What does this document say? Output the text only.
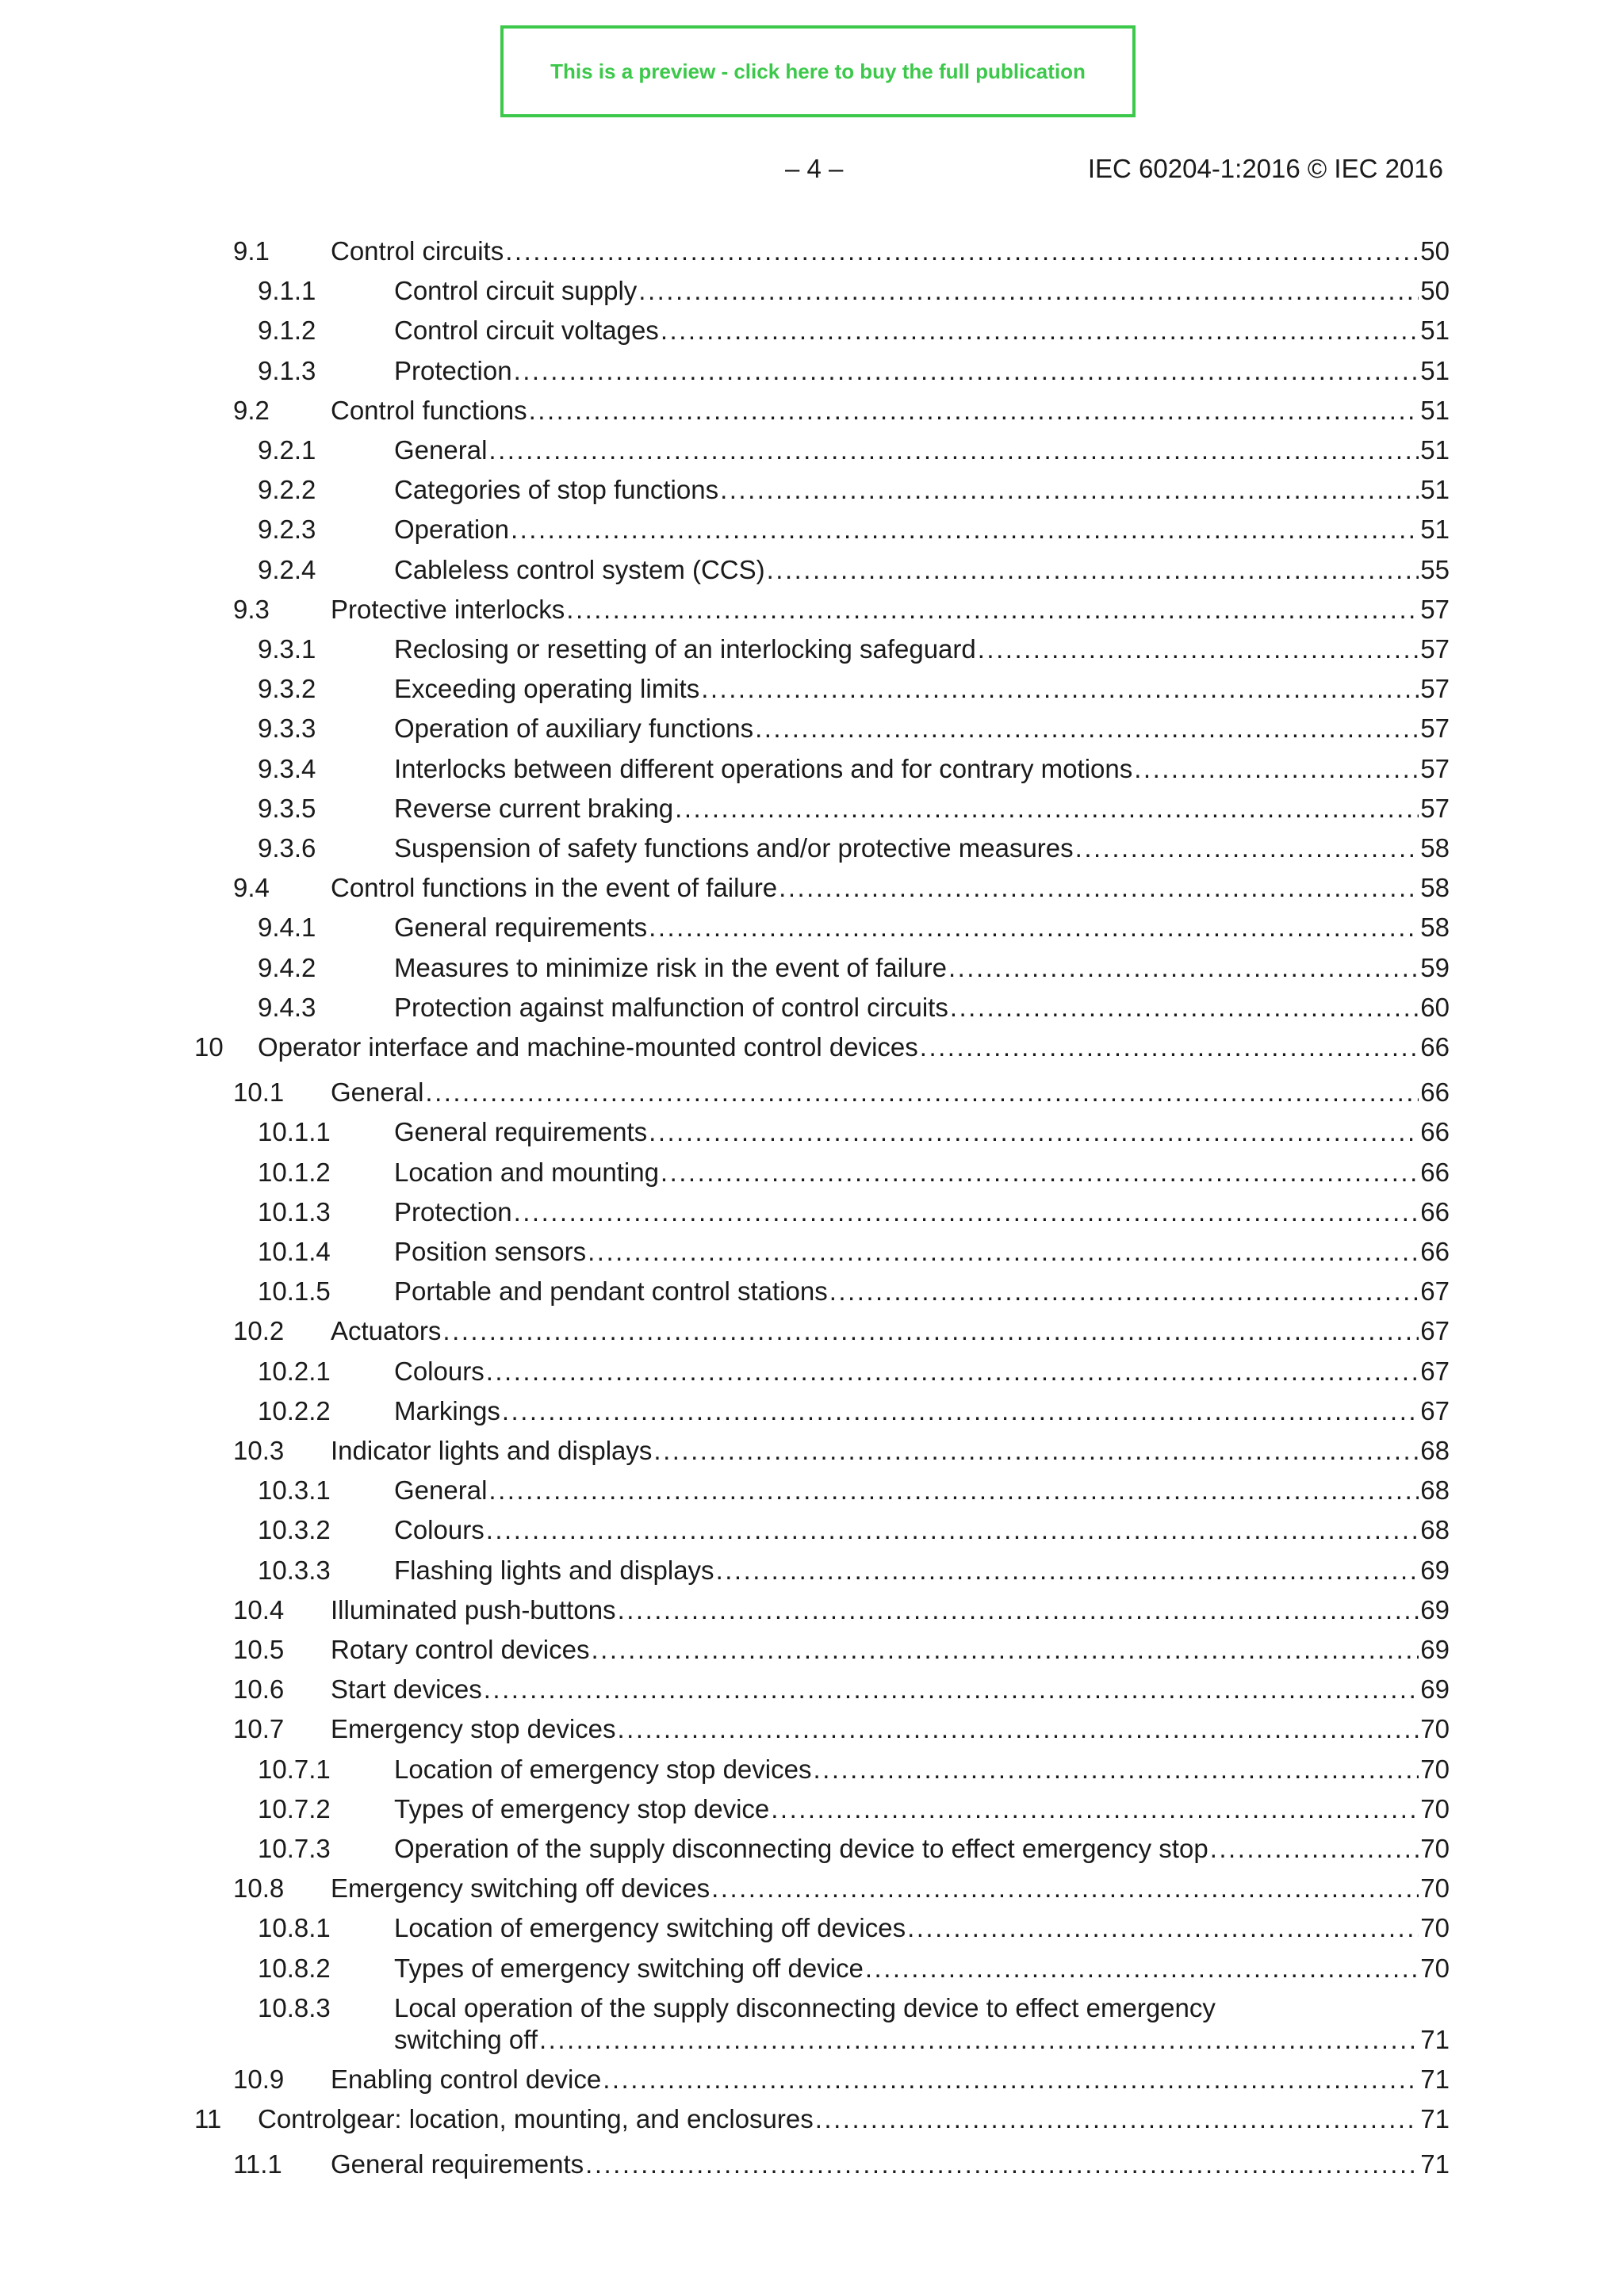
This is a preview - click here to buy the full publication
– 4 –	IEC 60204-1:2016 © IEC 2016
9.1 Control circuits .....	50
9.1.1	Control circuit supply .....	50
9.1.2	Control circuit voltages .....	51
9.1.3	Protection .....	51
9.2 Control functions .....	51
9.2.1	General .....	51
9.2.2	Categories of stop functions .....	51
9.2.3	Operation .....	51
9.2.4	Cableless control system (CCS) .....	55
9.3 Protective interlocks .....	57
9.3.1	Reclosing or resetting of an interlocking safeguard .....	57
9.3.2	Exceeding operating limits .....	57
9.3.3	Operation of auxiliary functions .....	57
9.3.4	Interlocks between different operations and for contrary motions .....	57
9.3.5	Reverse current braking .....	57
9.3.6	Suspension of safety functions and/or protective measures .....	58
9.4 Control functions in the event of failure .....	58
9.4.1	General requirements .....	58
9.4.2	Measures to minimize risk in the event of failure .....	59
9.4.3	Protection against malfunction of control circuits .....	60
10 Operator interface and machine-mounted control devices .....	66
10.1 General .....	66
10.1.1 General requirements .....	66
10.1.2 Location and mounting .....	66
10.1.3 Protection .....	66
10.1.4 Position sensors .....	66
10.1.5 Portable and pendant control stations .....	67
10.2 Actuators .....	67
10.2.1 Colours .....	67
10.2.2 Markings .....	67
10.3 Indicator lights and displays .....	68
10.3.1 General .....	68
10.3.2 Colours .....	68
10.3.3 Flashing lights and displays .....	69
10.4 Illuminated push-buttons .....	69
10.5 Rotary control devices .....	69
10.6 Start devices .....	69
10.7 Emergency stop devices .....	70
10.7.1 Location of emergency stop devices .....	70
10.7.2 Types of emergency stop device .....	70
10.7.3 Operation of the supply disconnecting device to effect emergency stop .....	70
10.8 Emergency switching off devices .....	70
10.8.1 Location of emergency switching off devices .....	70
10.8.2 Types of emergency switching off device .....	70
10.8.3 Local operation of the supply disconnecting device to effect emergency
switching off .....	71
10.9 Enabling control device .....	71
11 Controlgear: location, mounting, and enclosures .....	71
11.1 General requirements .....	71
